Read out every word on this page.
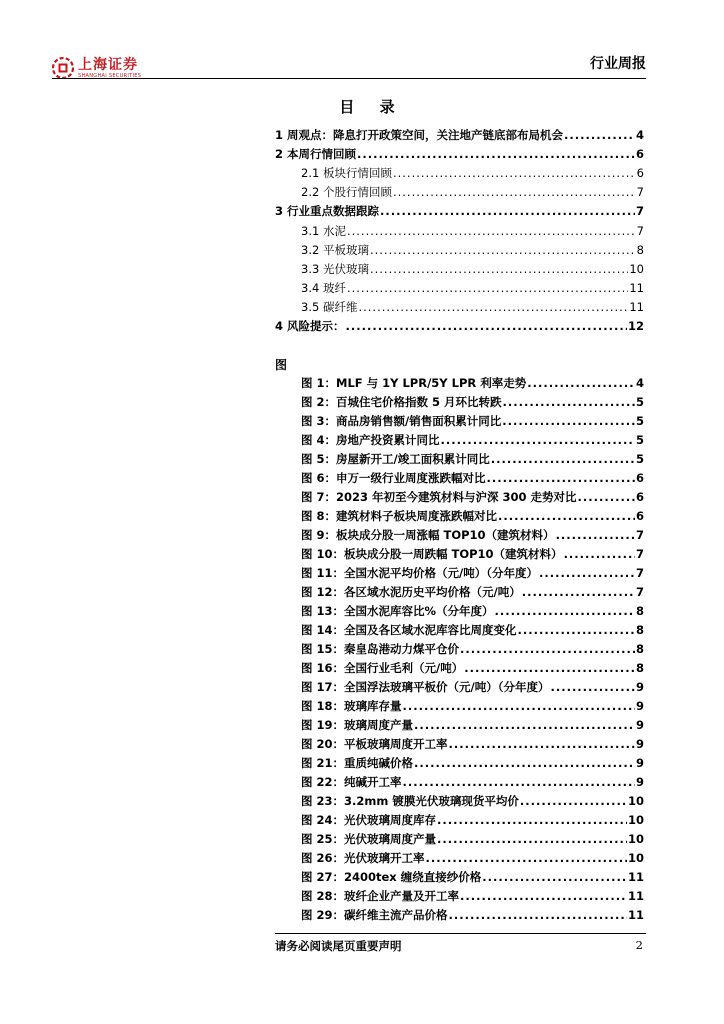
上海证券
SHANGHAI SECURITIES
行业周报
目 录
1 周观点：降息打开政策空间，关注地产链底部布局机会 .....	4
2 本周行情回顾 .....	6
2.1 板块行情回顾 .....	6
2.2 个股行情回顾 .....	7
3 行业重点数据跟踪 .....	7
3.1 水泥 .....	7
3.2 平板玻璃 .....	8
3.3 光伏玻璃 .....	10
3.4 玻纤 .....	11
3.5 碳纤维 .....	11
4 风险提示： .....	12
图
图 1：MLF 与 1Y LPR/5Y LPR 利率走势 .....	4
图 2：百城住宅价格指数 5 月环比转跌 .....	5
图 3：商品房销售额/销售面积累计同比 .....	5
图 4：房地产投资累计同比 .....	5
图 5：房屋新开工/竣工面积累计同比 .....	5
图 6：申万一级行业周度涨跌幅对比 .....	6
图 7：2023 年初至今建筑材料与沪深 300 走势对比 .....	6
图 8：建筑材料子板块周度涨跌幅对比 .....	6
图 9：板块成分股一周涨幅 TOP10（建筑材料） .....	7
图 10：板块成分股一周跌幅 TOP10（建筑材料） .....	7
图 11：全国水泥平均价格（元/吨）（分年度） .....	7
图 12：各区域水泥历史平均价格（元/吨） .....	7
图 13：全国水泥库容比%（分年度） .....	8
图 14：全国及各区域水泥库容比周度变化 .....	8
图 15：秦皇岛港动力煤平仓价 .....	8
图 16：全国行业毛利（元/吨） .....	8
图 17：全国浮法玻璃平板价（元/吨）（分年度） .....	9
图 18：玻璃库存量 .....	9
图 19：玻璃周度产量 .....	9
图 20：平板玻璃周度开工率 .....	9
图 21：重质纯碱价格 .....	9
图 22：纯碱开工率 .....	9
图 23：3.2mm 镀膜光伏玻璃现货平均价 .....	10
图 24：光伏玻璃周度库存 .....	10
图 25：光伏玻璃周度产量 .....	10
图 26：光伏玻璃开工率 .....	10
图 27：2400tex 缠绕直接纱价格 .....	11
图 28：玻纤企业产量及开工率 .....	11
图 29：碳纤维主流产品价格 .....	11
请务必阅读尾页重要声明	2
